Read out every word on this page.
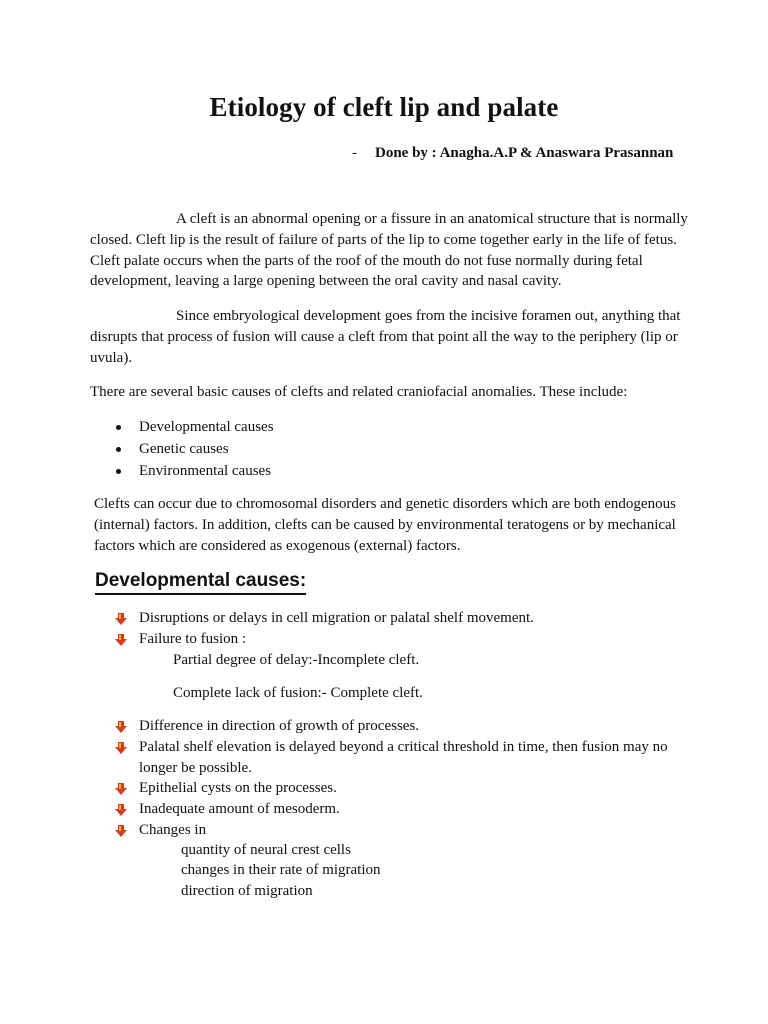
Etiology of cleft lip and palate
- Done by : Anagha.A.P & Anaswara Prasannan

A cleft is an abnormal opening or a fissure in an anatomical structure that is normally closed. Cleft lip is the result of failure of parts of the lip to come together early in the life of fetus. Cleft palate occurs when the parts of the roof of the mouth do not fuse normally during fetal development, leaving a large opening between the oral cavity and nasal cavity.

Since embryological development goes from the incisive foramen out, anything that disrupts that process of fusion will cause a cleft from that point all the way to the periphery (lip or uvula).

There are several basic causes of clefts and related craniofacial anomalies. These include:

Developmental causes
Genetic causes
Environmental causes

Clefts can occur due to chromosomal disorders and genetic disorders which are both endogenous (internal) factors. In addition, clefts can be caused by environmental teratogens or by mechanical factors which are considered as exogenous (external) factors.

Developmental causes:
Disruptions or delays in cell migration or palatal shelf movement.
Failure to fusion :
Partial degree of delay:-Incomplete cleft.
Complete lack of fusion:- Complete cleft.
Difference in direction of growth of processes.
Palatal shelf elevation is delayed beyond a critical threshold in time, then fusion may no longer be possible.
Epithelial cysts on the processes.
Inadequate amount of mesoderm.
Changes in
quantity of neural crest cells
changes in their rate of migration
direction of migration
